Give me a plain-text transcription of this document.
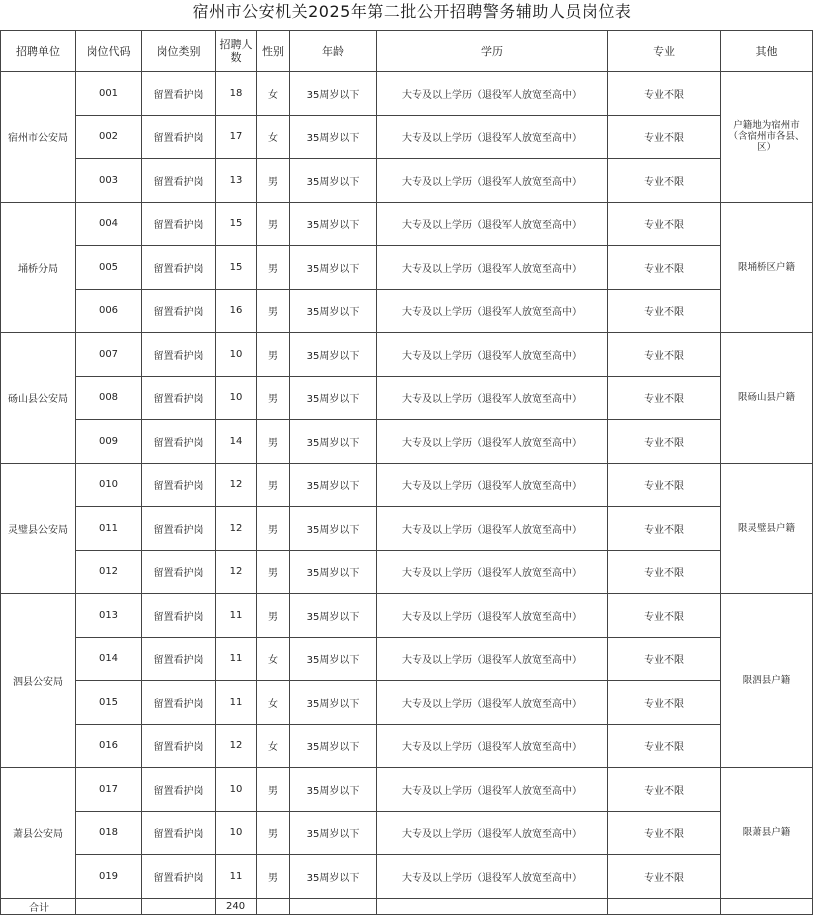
宿州市公安机关2025年第二批公开招聘警务辅助人员岗位表
招聘单位	岗位代码	岗位类别	招聘人数	性别	年龄	学历	专业	其他
宿州市公安局	001	留置看护岗	18	女	35周岁以下	大专及以上学历（退役军人放宽至高中）	专业不限	户籍地为宿州市（含宿州市各县、区）
	002	留置看护岗	17	女	35周岁以下	大专及以上学历（退役军人放宽至高中）	专业不限	
	003	留置看护岗	13	男	35周岁以下	大专及以上学历（退役军人放宽至高中）	专业不限	
埇桥分局	004	留置看护岗	15	男	35周岁以下	大专及以上学历（退役军人放宽至高中）	专业不限	限埇桥区户籍
	005	留置看护岗	15	男	35周岁以下	大专及以上学历（退役军人放宽至高中）	专业不限	
	006	留置看护岗	16	男	35周岁以下	大专及以上学历（退役军人放宽至高中）	专业不限	
砀山县公安局	007	留置看护岗	10	男	35周岁以下	大专及以上学历（退役军人放宽至高中）	专业不限	限砀山县户籍
	008	留置看护岗	10	男	35周岁以下	大专及以上学历（退役军人放宽至高中）	专业不限	
	009	留置看护岗	14	男	35周岁以下	大专及以上学历（退役军人放宽至高中）	专业不限	
灵璧县公安局	010	留置看护岗	12	男	35周岁以下	大专及以上学历（退役军人放宽至高中）	专业不限	限灵璧县户籍
	011	留置看护岗	12	男	35周岁以下	大专及以上学历（退役军人放宽至高中）	专业不限	
	012	留置看护岗	12	男	35周岁以下	大专及以上学历（退役军人放宽至高中）	专业不限	
泗县公安局	013	留置看护岗	11	男	35周岁以下	大专及以上学历（退役军人放宽至高中）	专业不限	限泗县户籍
	014	留置看护岗	11	女	35周岁以下	大专及以上学历（退役军人放宽至高中）	专业不限	
	015	留置看护岗	11	女	35周岁以下	大专及以上学历（退役军人放宽至高中）	专业不限	
	016	留置看护岗	12	女	35周岁以下	大专及以上学历（退役军人放宽至高中）	专业不限	
萧县公安局	017	留置看护岗	10	男	35周岁以下	大专及以上学历（退役军人放宽至高中）	专业不限	限萧县户籍
	018	留置看护岗	10	男	35周岁以下	大专及以上学历（退役军人放宽至高中）	专业不限	
	019	留置看护岗	11	男	35周岁以下	大专及以上学历（退役军人放宽至高中）	专业不限	
合计			240					
